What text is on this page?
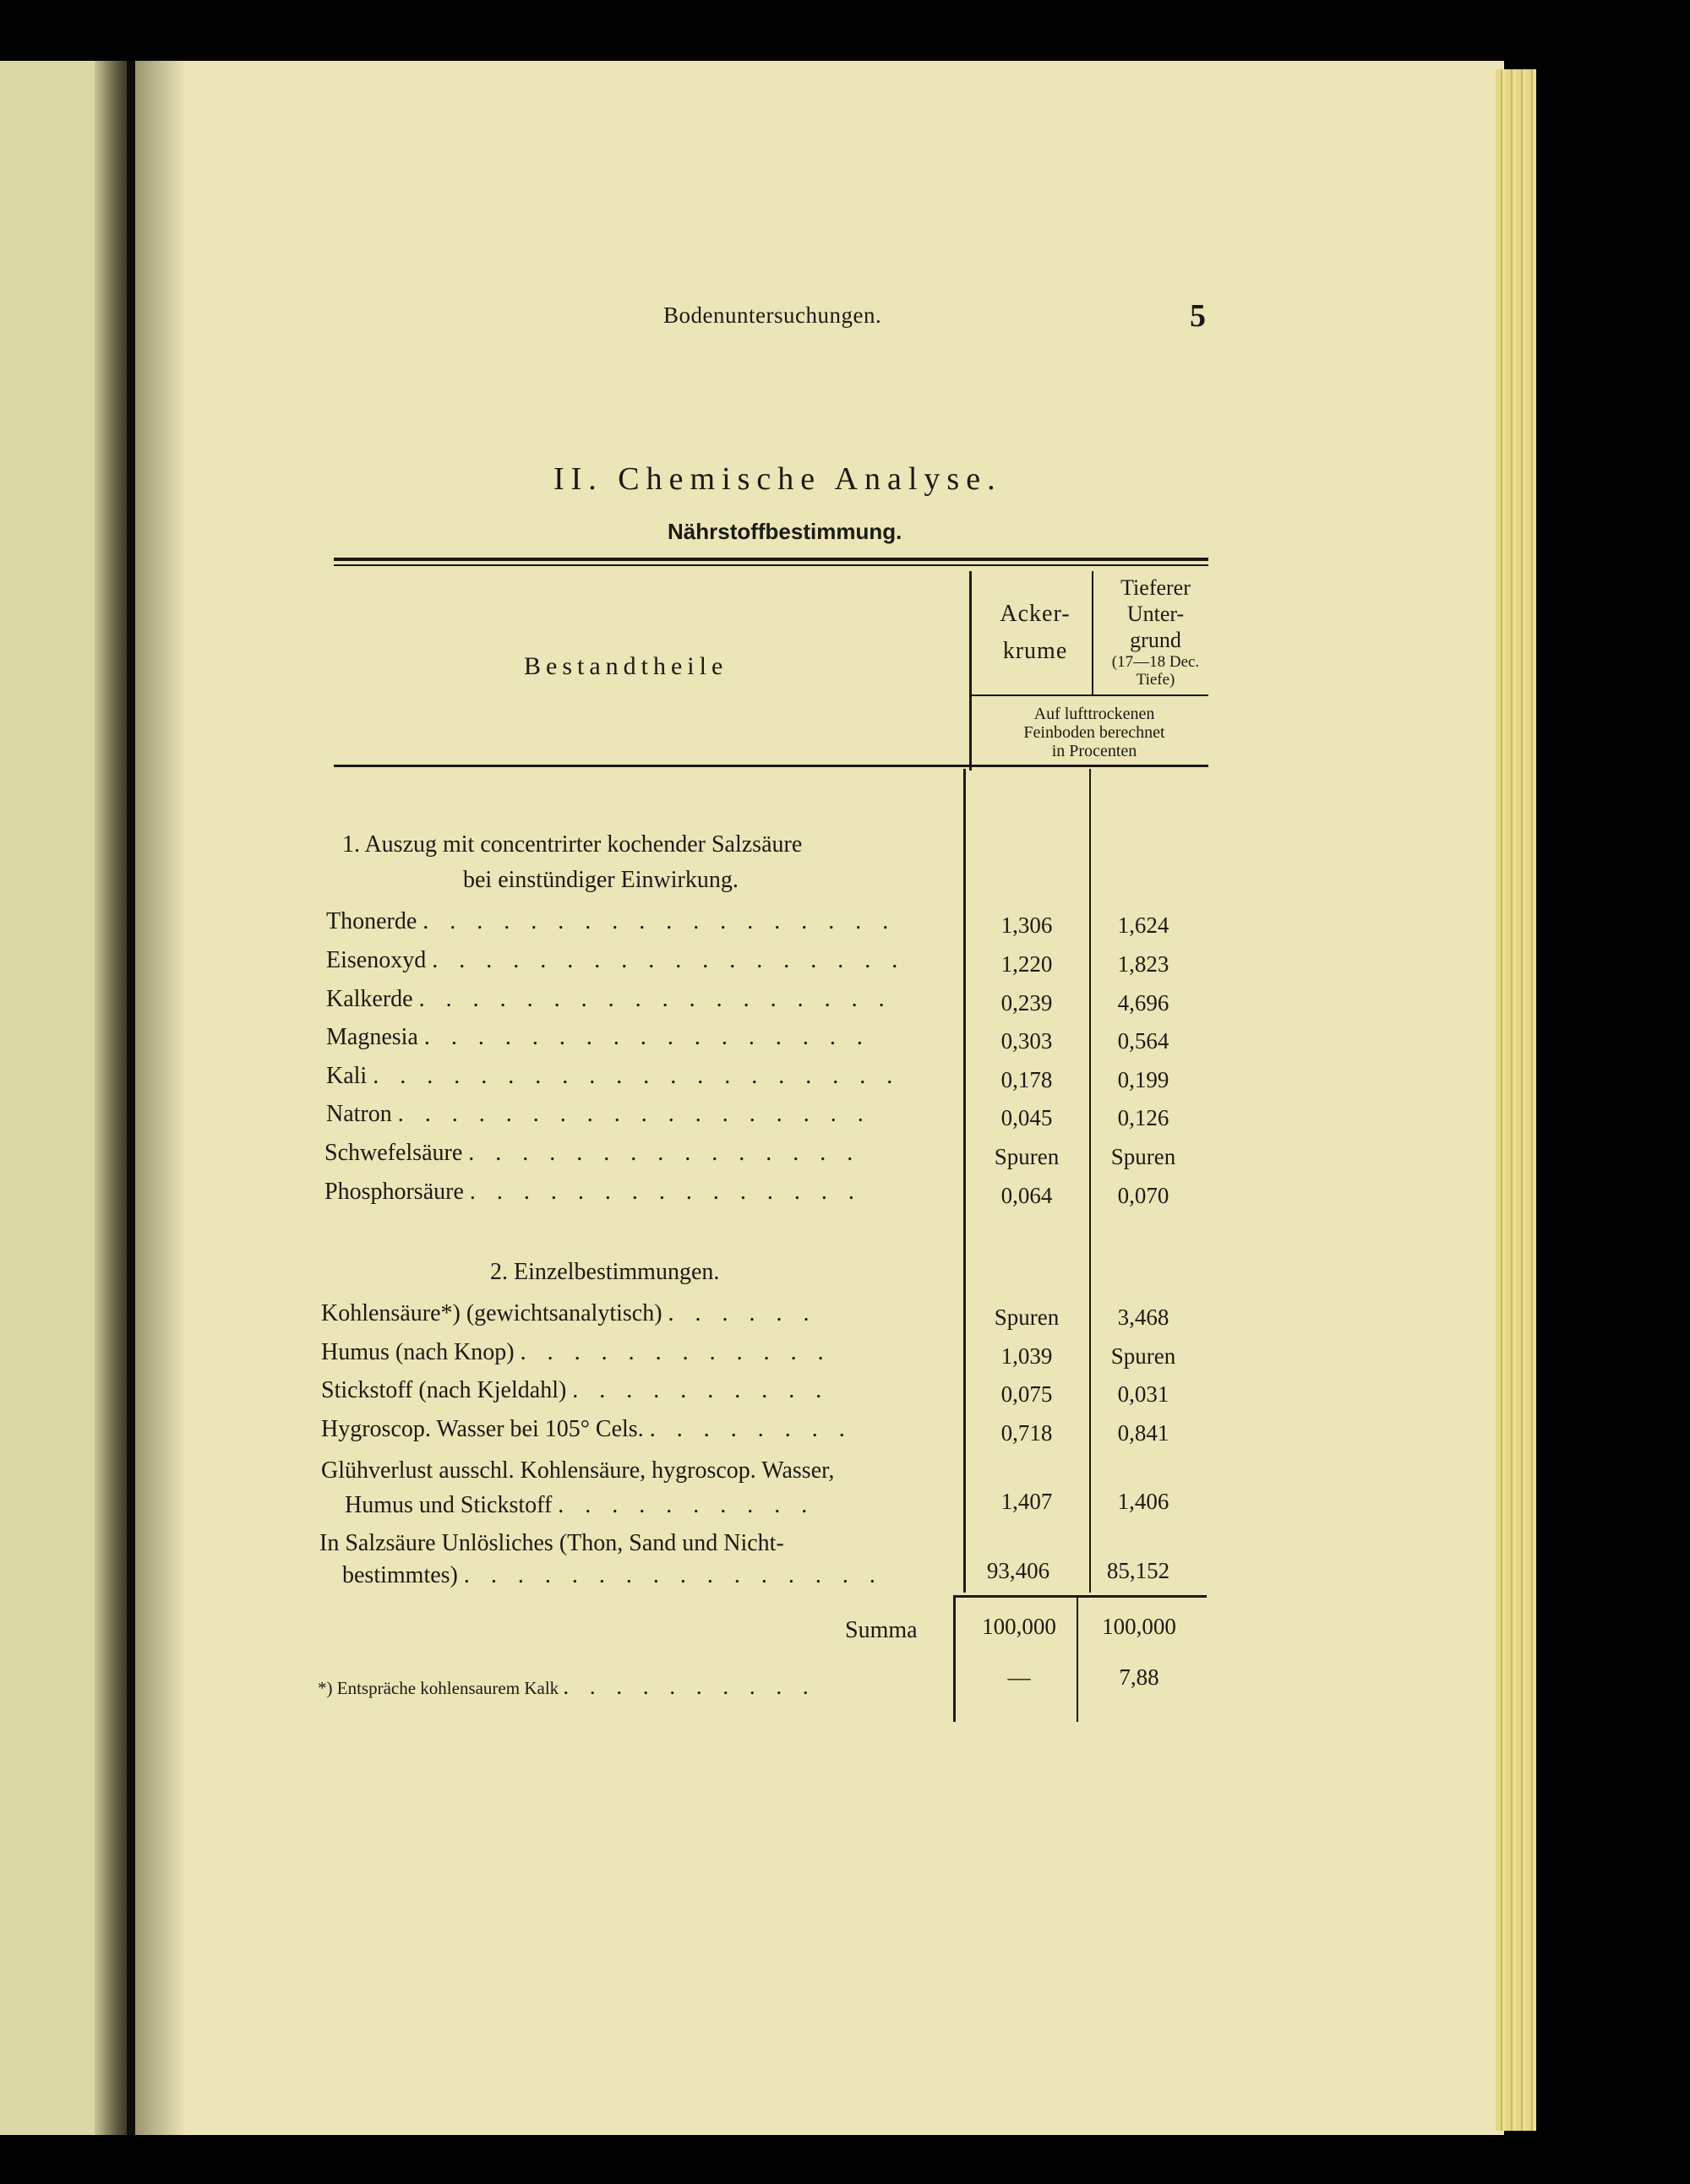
Bodenuntersuchungen.	5
II. Chemische Analyse.
Nährstoffbestimmung.
Bestandtheile
Acker-
krume
Tieferer
Unter-
grund
(17—18 Dec.
Tiefe)
Auf lufttrockenen
Feinboden berechnet
in Procenten
1. Auszug mit concentrirter kochender Salzsäure
bei einstündiger Einwirkung.
Thonerde . . . . . . . . . . . . . . . . . .	1,306	1,624
Eisenoxyd . . . . . . . . . . . . . . . . . .	1,220	1,823
Kalkerde . . . . . . . . . . . . . . . . . .	0,239	4,696
Magnesia . . . . . . . . . . . . . . . . .	0,303	0,564
Kali . . . . . . . . . . . . . . . . . . . .	0,178	0,199
Natron . . . . . . . . . . . . . . . . . .	0,045	0,126
Schwefelsäure . . . . . . . . . . . . . . .	Spuren	Spuren
Phosphorsäure . . . . . . . . . . . . . . .	0,064	0,070
2. Einzelbestimmungen.
Kohlensäure*) (gewichtsanalytisch) . . . . . .	Spuren	3,468
Humus (nach Knop) . . . . . . . . . . . .	1,039	Spuren
Stickstoff (nach Kjeldahl) . . . . . . . . . .	0,075	0,031
Hygroscop. Wasser bei 105° Cels. . . . . . . . .	0,718	0,841
Glühverlust ausschl. Kohlensäure, hygroscop. Wasser,
Humus und Stickstoff . . . . . . . . . .	1,407	1,406
In Salzsäure Unlösliches (Thon, Sand und Nicht-
bestimmtes) . . . . . . . . . . . . . . . .	93,406	85,152
Summa	100,000	100,000
*) Entspräche kohlensaurem Kalk . . . . . . . . . .	—	7,88
